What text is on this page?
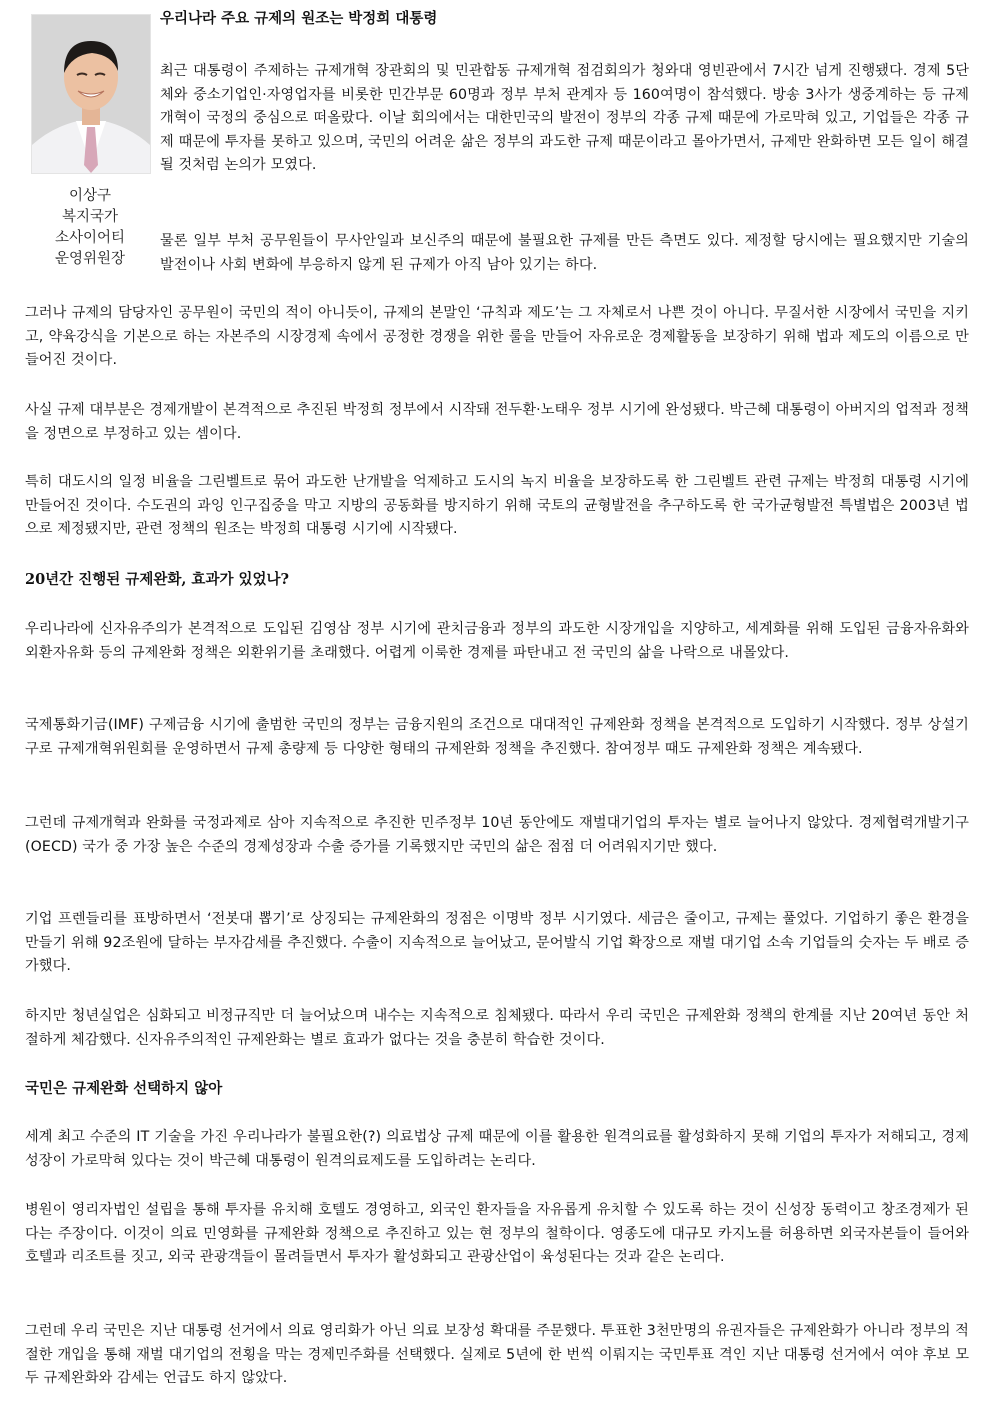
이상구
복지국가
소사이어티
운영위원장
우리나라 주요 규제의 원조는 박정희 대통령

최근 대통령이 주제하는 규제개혁 장관회의 및 민관합동 규제개혁 점검회의가 청와대 영빈관에서 7시간 넘게 진행됐다. 경제 5단체와 중소기업인·자영업자를 비롯한 민간부문 60명과 정부 부처 관계자 등 160여명이 참석했다. 방송 3사가 생중계하는 등 규제개혁이 국정의 중심으로 떠올랐다. 이날 회의에서는 대한민국의 발전이 정부의 각종 규제 때문에 가로막혀 있고, 기업들은 각종 규제 때문에 투자를 못하고 있으며, 국민의 어려운 삶은 정부의 과도한 규제 때문이라고 몰아가면서, 규제만 완화하면 모든 일이 해결될 것처럼 논의가 모였다.

물론 일부 부처 공무원들이 무사안일과 보신주의 때문에 불필요한 규제를 만든 측면도 있다. 제정할 당시에는 필요했지만 기술의 발전이나 사회 변화에 부응하지 않게 된 규제가 아직 남아 있기는 하다.

그러나 규제의 담당자인 공무원이 국민의 적이 아니듯이, 규제의 본말인 ‘규칙과 제도’는 그 자체로서 나쁜 것이 아니다. 무질서한 시장에서 국민을 지키고, 약육강식을 기본으로 하는 자본주의 시장경제 속에서 공정한 경쟁을 위한 룰을 만들어 자유로운 경제활동을 보장하기 위해 법과 제도의 이름으로 만들어진 것이다.

사실 규제 대부분은 경제개발이 본격적으로 추진된 박정희 정부에서 시작돼 전두환·노태우 정부 시기에 완성됐다. 박근혜 대통령이 아버지의 업적과 정책을 정면으로 부정하고 있는 셈이다.

특히 대도시의 일정 비율을 그린벨트로 묶어 과도한 난개발을 억제하고 도시의 녹지 비율을 보장하도록 한 그린벨트 관련 규제는 박정희 대통령 시기에 만들어진 것이다. 수도권의 과잉 인구집중을 막고 지방의 공동화를 방지하기 위해 국토의 균형발전을 추구하도록 한 국가균형발전 특별법은 2003년 법으로 제정됐지만, 관련 정책의 원조는 박정희 대통령 시기에 시작됐다.

20년간 진행된 규제완화, 효과가 있었나?

우리나라에 신자유주의가 본격적으로 도입된 김영삼 정부 시기에 관치금융과 정부의 과도한 시장개입을 지양하고, 세계화를 위해 도입된 금융자유화와 외환자유화 등의 규제완화 정책은 외환위기를 초래했다. 어렵게 이룩한 경제를 파탄내고 전 국민의 삶을 나락으로 내몰았다.

국제통화기금(IMF) 구제금융 시기에 출범한 국민의 정부는 금융지원의 조건으로 대대적인 규제완화 정책을 본격적으로 도입하기 시작했다. 정부 상설기구로 규제개혁위원회를 운영하면서 규제 총량제 등 다양한 형태의 규제완화 정책을 추진했다. 참여정부 때도 규제완화 정책은 계속됐다.

그런데 규제개혁과 완화를 국정과제로 삼아 지속적으로 추진한 민주정부 10년 동안에도 재벌대기업의 투자는 별로 늘어나지 않았다. 경제협력개발기구(OECD) 국가 중 가장 높은 수준의 경제성장과 수출 증가를 기록했지만 국민의 삶은 점점 더 어려워지기만 했다.

기업 프렌들리를 표방하면서 ‘전봇대 뽑기’로 상징되는 규제완화의 정점은 이명박 정부 시기였다. 세금은 줄이고, 규제는 풀었다. 기업하기 좋은 환경을 만들기 위해 92조원에 달하는 부자감세를 추진했다. 수출이 지속적으로 늘어났고, 문어발식 기업 확장으로 재벌 대기업 소속 기업들의 숫자는 두 배로 증가했다.

하지만 청년실업은 심화되고 비정규직만 더 늘어났으며 내수는 지속적으로 침체됐다. 따라서 우리 국민은 규제완화 정책의 한계를 지난 20여년 동안 처절하게 체감했다. 신자유주의적인 규제완화는 별로 효과가 없다는 것을 충분히 학습한 것이다.

국민은 규제완화 선택하지 않아

세계 최고 수준의 IT 기술을 가진 우리나라가 불필요한(?) 의료법상 규제 때문에 이를 활용한 원격의료를 활성화하지 못해 기업의 투자가 저해되고, 경제성장이 가로막혀 있다는 것이 박근혜 대통령이 원격의료제도를 도입하려는 논리다.

병원이 영리자법인 설립을 통해 투자를 유치해 호텔도 경영하고, 외국인 환자들을 자유롭게 유치할 수 있도록 하는 것이 신성장 동력이고 창조경제가 된다는 주장이다. 이것이 의료 민영화를 규제완화 정책으로 추진하고 있는 현 정부의 철학이다. 영종도에 대규모 카지노를 허용하면 외국자본들이 들어와 호텔과 리조트를 짓고, 외국 관광객들이 몰려들면서 투자가 활성화되고 관광산업이 육성된다는 것과 같은 논리다.

그런데 우리 국민은 지난 대통령 선거에서 의료 영리화가 아닌 의료 보장성 확대를 주문했다. 투표한 3천만명의 유권자들은 규제완화가 아니라 정부의 적절한 개입을 통해 재벌 대기업의 전횡을 막는 경제민주화를 선택했다. 실제로 5년에 한 번씩 이뤄지는 국민투표 격인 지난 대통령 선거에서 여야 후보 모두 규제완화와 감세는 언급도 하지 않았다.
